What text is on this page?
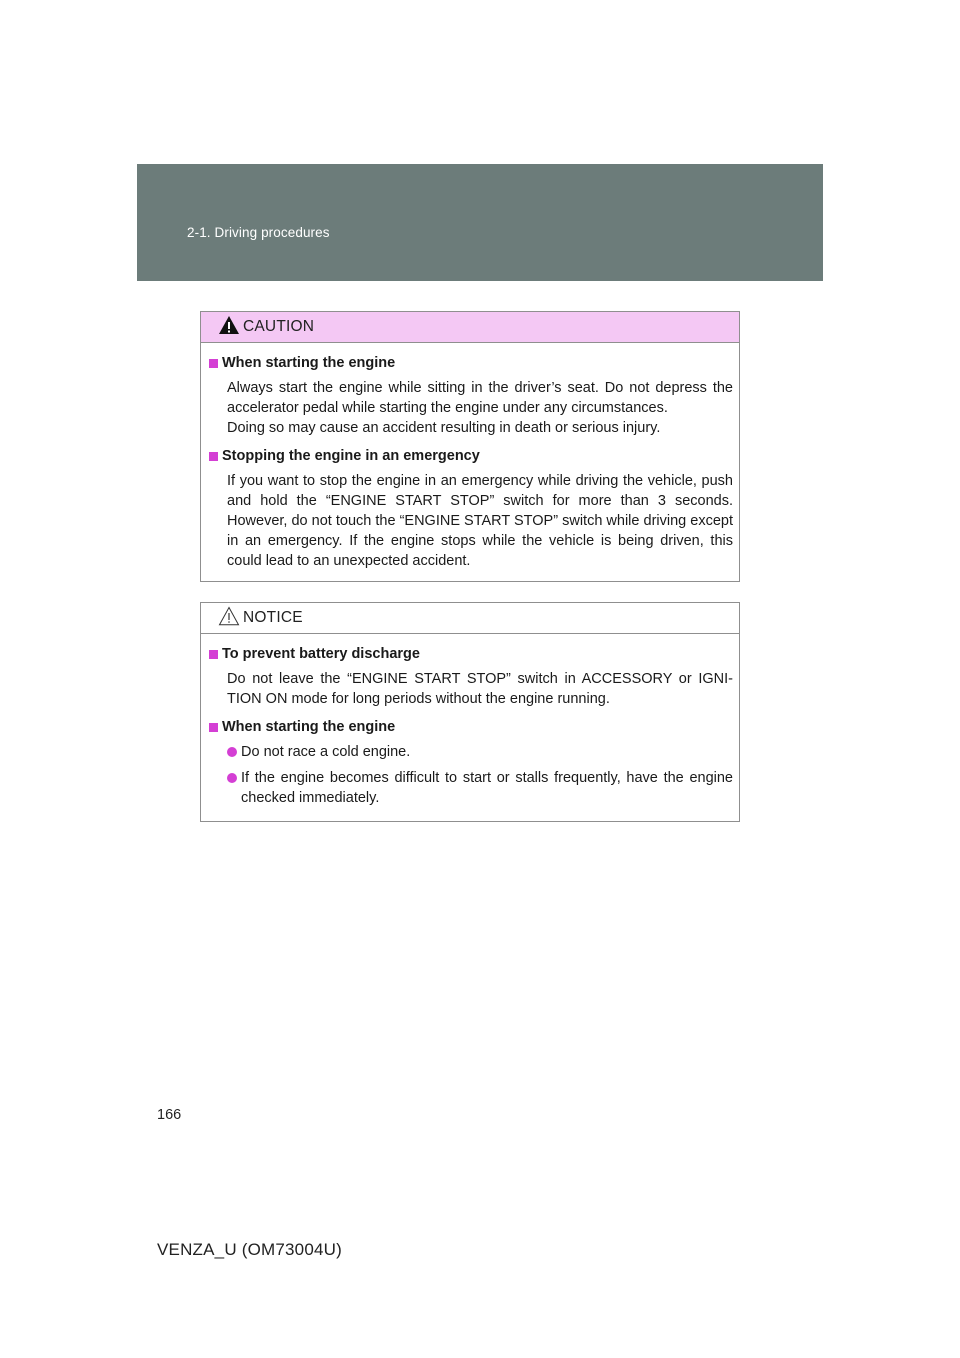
2-1. Driving procedures
CAUTION
When starting the engine

Always start the engine while sitting in the driver’s seat. Do not depress the accelerator pedal while starting the engine under any circumstances.

Doing so may cause an accident resulting in death or serious injury.

Stopping the engine in an emergency

If you want to stop the engine in an emergency while driving the vehicle, push and hold the “ENGINE START STOP” switch for more than 3 seconds. However, do not touch the “ENGINE START STOP” switch while driving except in an emergency. If the engine stops while the vehicle is being driven, this could lead to an unexpected accident.

NOTICE
To prevent battery discharge

Do not leave the “ENGINE START STOP” switch in ACCESSORY or IGNI-TION ON mode for long periods without the engine running.

When starting the engine
Do not race a cold engine.
If the engine becomes difficult to start or stalls frequently, have the engine checked immediately.
166
VENZA_U (OM73004U)
